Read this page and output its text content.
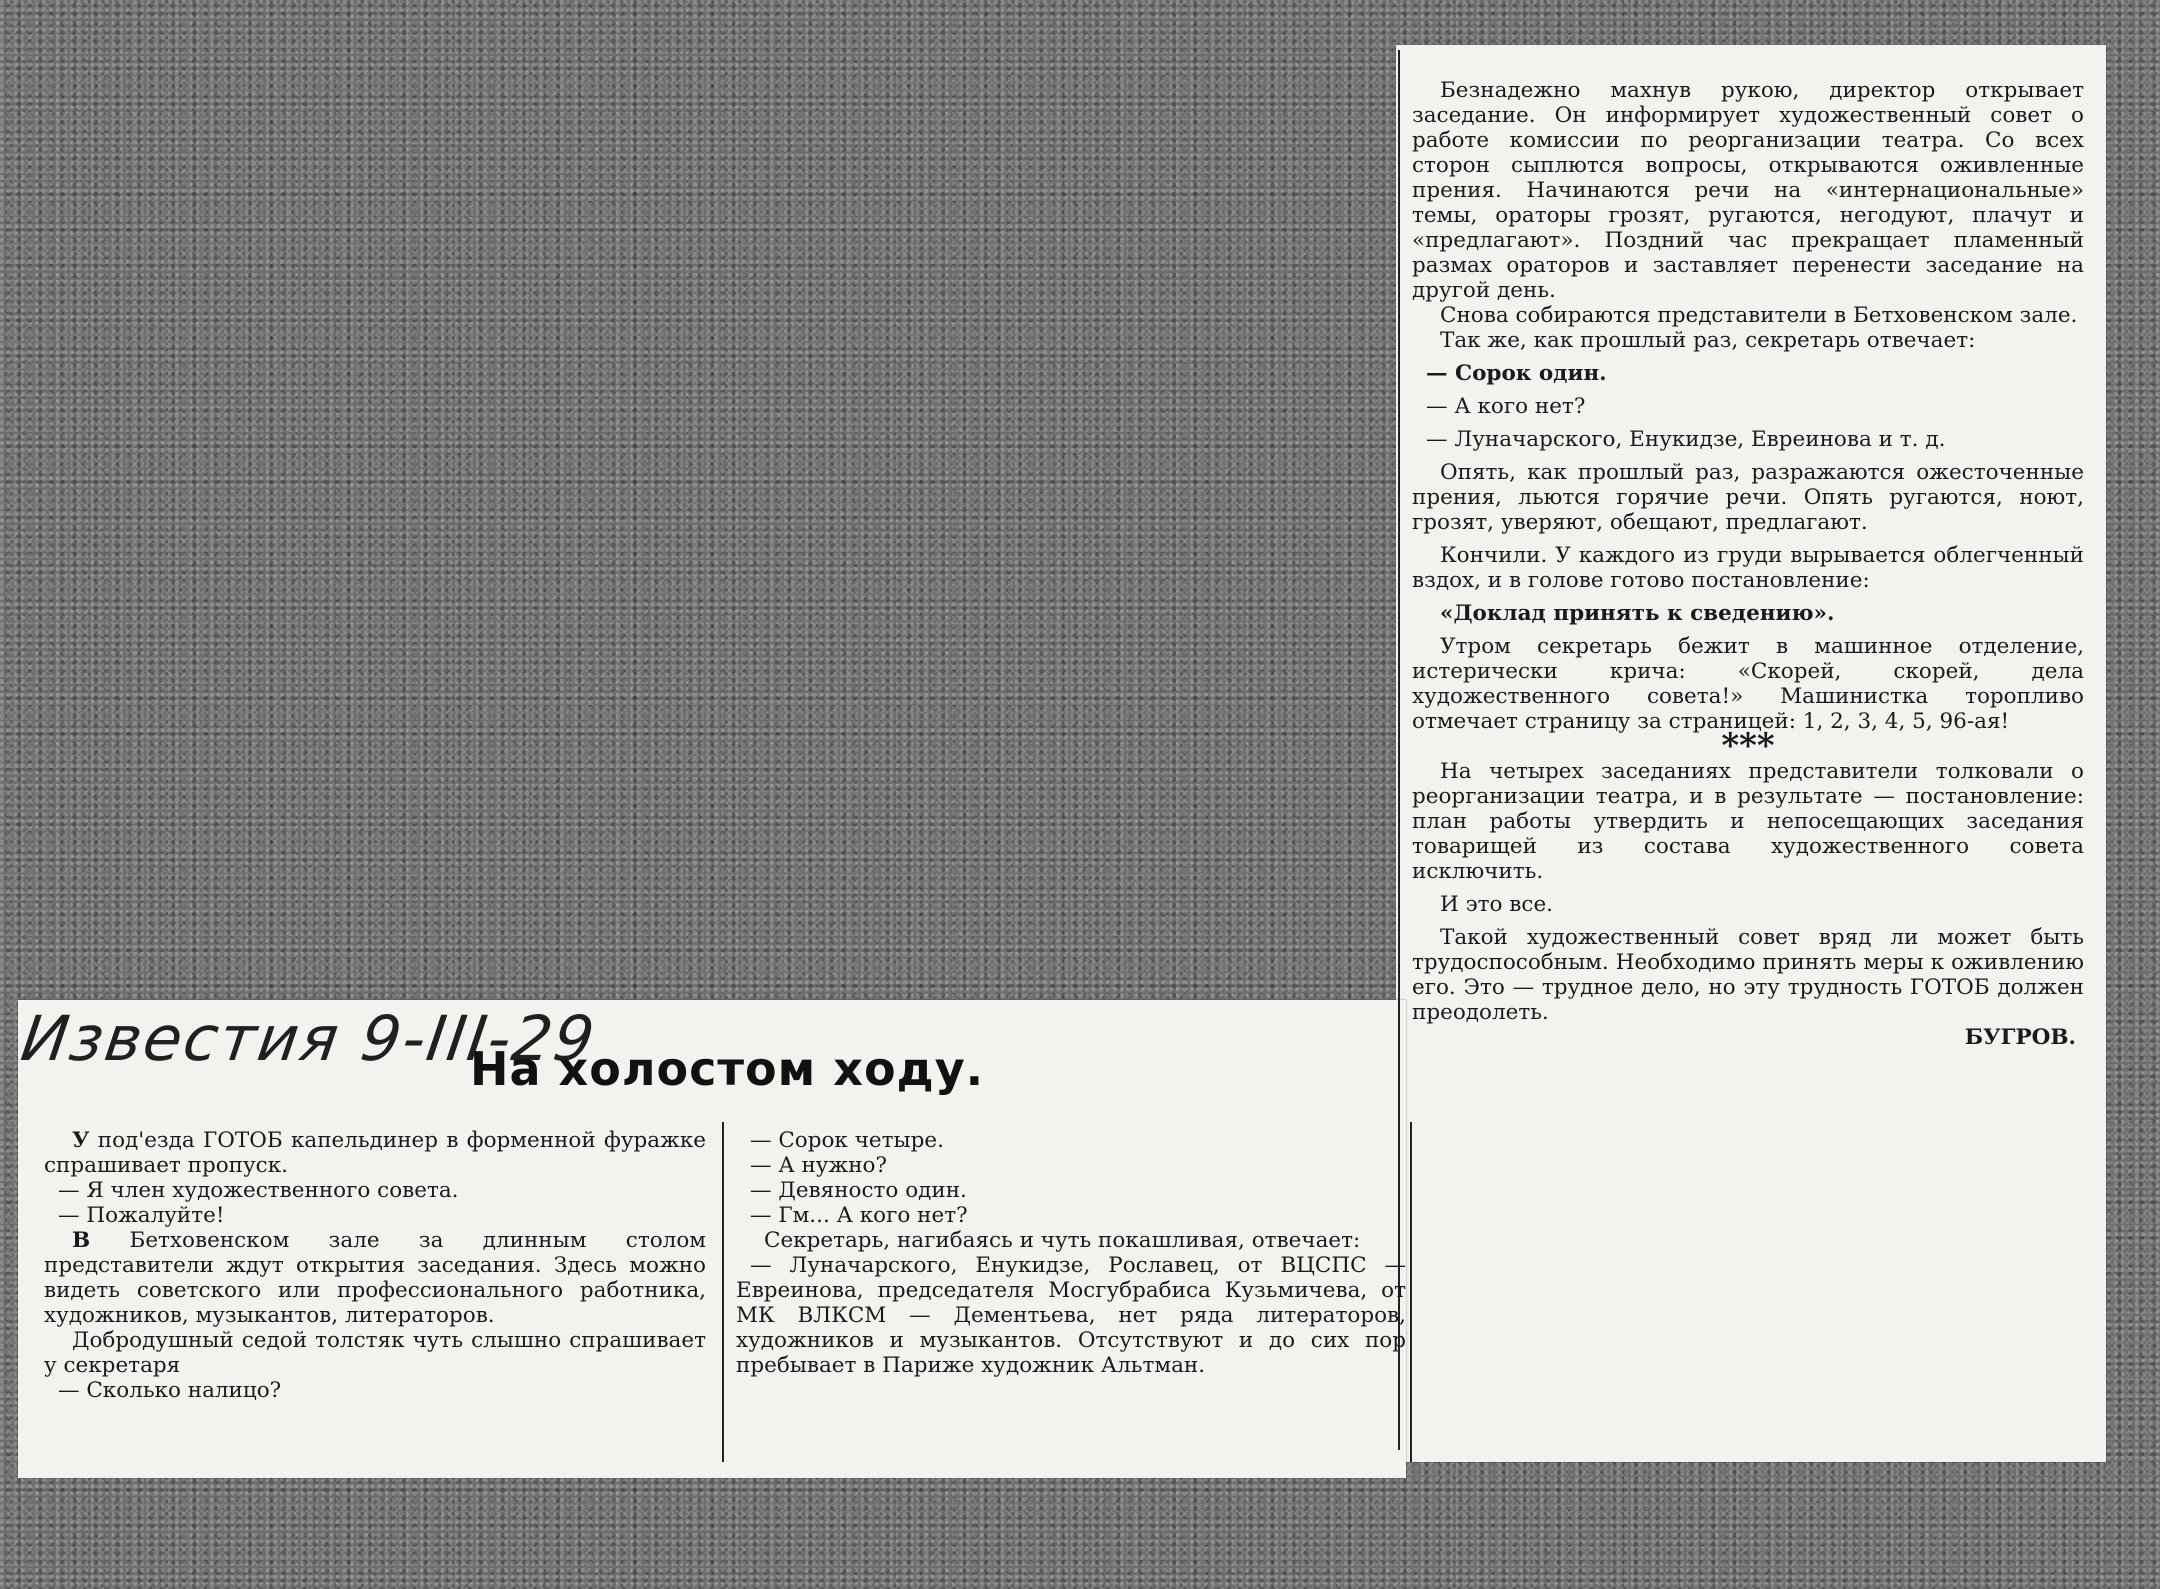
Известия 9-III-29
На холостом ходу.

У под'езда ГОТОБ капельдинер в форменной фуражке спрашивает пропуск.

— Я член художественного совета.

— Пожалуйте!

В Бетховенском зале за длинным столом представители ждут открытия заседания. Здесь можно видеть советского или профессионального работника, художников, музыкантов, литераторов.

Добродушный седой толстяк чуть слышно спрашивает у секретаря

— Сколько налицо?

— Сорок четыре.

— А нужно?

— Девяносто один.

— Гм... А кого нет?

Секретарь, нагибаясь и чуть покашливая, отвечает:

— Луначарского, Енукидзе, Рославец, от ВЦСПС — Евреинова, председателя Мосгубрабиса Кузьмичева, от МК ВЛКСМ — Дементьева, нет ряда литераторов, художников и музыкантов. Отсутствуют и до сих пор пребывает в Париже художник Альтман.

Безнадежно махнув рукою, директор открывает заседание. Он информирует художественный совет о работе комиссии по реорганизации театра. Со всех сторон сыплются вопросы, открываются оживленные прения. Начинаются речи на «интернациональные» темы, ораторы грозят, ругаются, негодуют, плачут и «предлагают». Поздний час прекращает пламенный размах ораторов и заставляет перенести заседание на другой день.

Снова собираются представители в Бетховенском зале.

Так же, как прошлый раз, секретарь отвечает:

— Сорок один.

— А кого нет?

— Луначарского, Енукидзе, Евреинова и т. д.

Опять, как прошлый раз, разражаются ожесточенные прения, льются горячие речи. Опять ругаются, ноют, грозят, уверяют, обещают, предлагают.

Кончили. У каждого из груди вырывается облегченный вздох, и в голове готово постановление:

«Доклад принять к сведению».

Утром секретарь бежит в машинное отделение, истерически крича: «Скорей, скорей, дела художественного совета!» Машинистка торопливо отмечает страницу за страницей: 1, 2, 3, 4, 5, 96-ая!

***

На четырех заседаниях представители толковали о реорганизации театра, и в результате — постановление: план работы утвердить и непосещающих заседания товарищей из состава художественного совета исключить.

И это все.

Такой художественный совет вряд ли может быть трудоспособным. Необходимо принять меры к оживлению его. Это — трудное дело, но эту трудность ГОТОБ должен преодолеть.

БУГРОВ.
